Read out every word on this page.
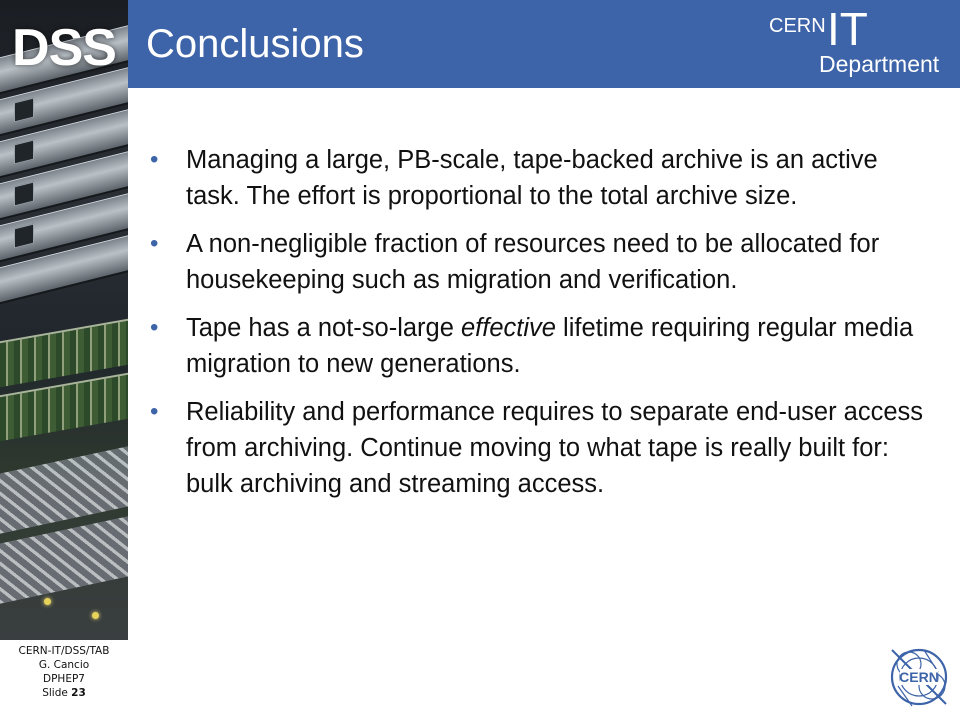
DSS Conclusions	CERN IT
Department
• Managing a large, PB-scale, tape-backed archive is an active task. The effort is proportional to the total archive size.
• A non-negligible fraction of resources need to be allocated for housekeeping such as migration and verification.
• Tape has a not-so-large effective lifetime requiring regular media migration to new generations.
• Reliability and performance requires to separate end-user access from archiving. Continue moving to what tape is really built for: bulk archiving and streaming access.
CERN-IT/DSS/TAB
G. Cancio
DPHEP7
Slide 23
CERN
